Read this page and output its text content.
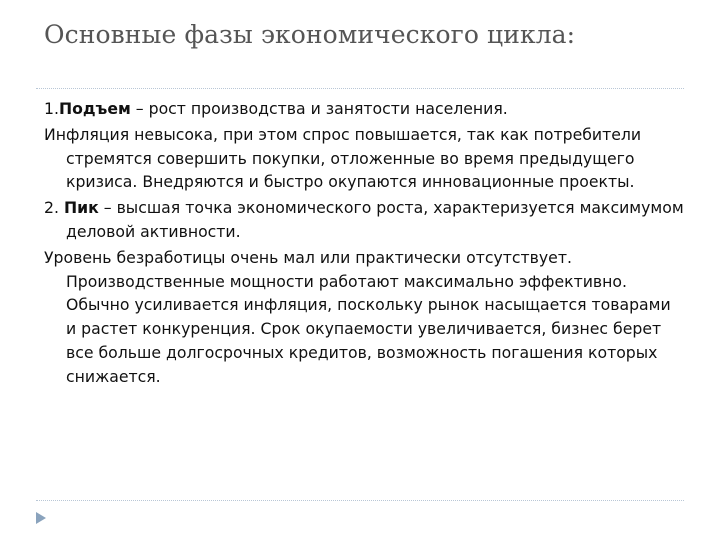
Основные фазы экономического цикла:

1.Подъем – рост производства и занятости населения.

Инфляция невысока, при этом спрос повышается, так как потребители стремятся совершить покупки, отложенные во время предыдущего кризиса. Внедряются и быстро окупаются инновационные проекты.

2. Пик – высшая точка экономического роста, характеризуется максимумом деловой активности.

Уровень безработицы очень мал или практически отсутствует. Производственные мощности работают максимально эффективно. Обычно усиливается инфляция, поскольку рынок насыщается товарами и растет конкуренция. Срок окупаемости увеличивается, бизнес берет все больше долгосрочных кредитов, возможность погашения которых снижается.
